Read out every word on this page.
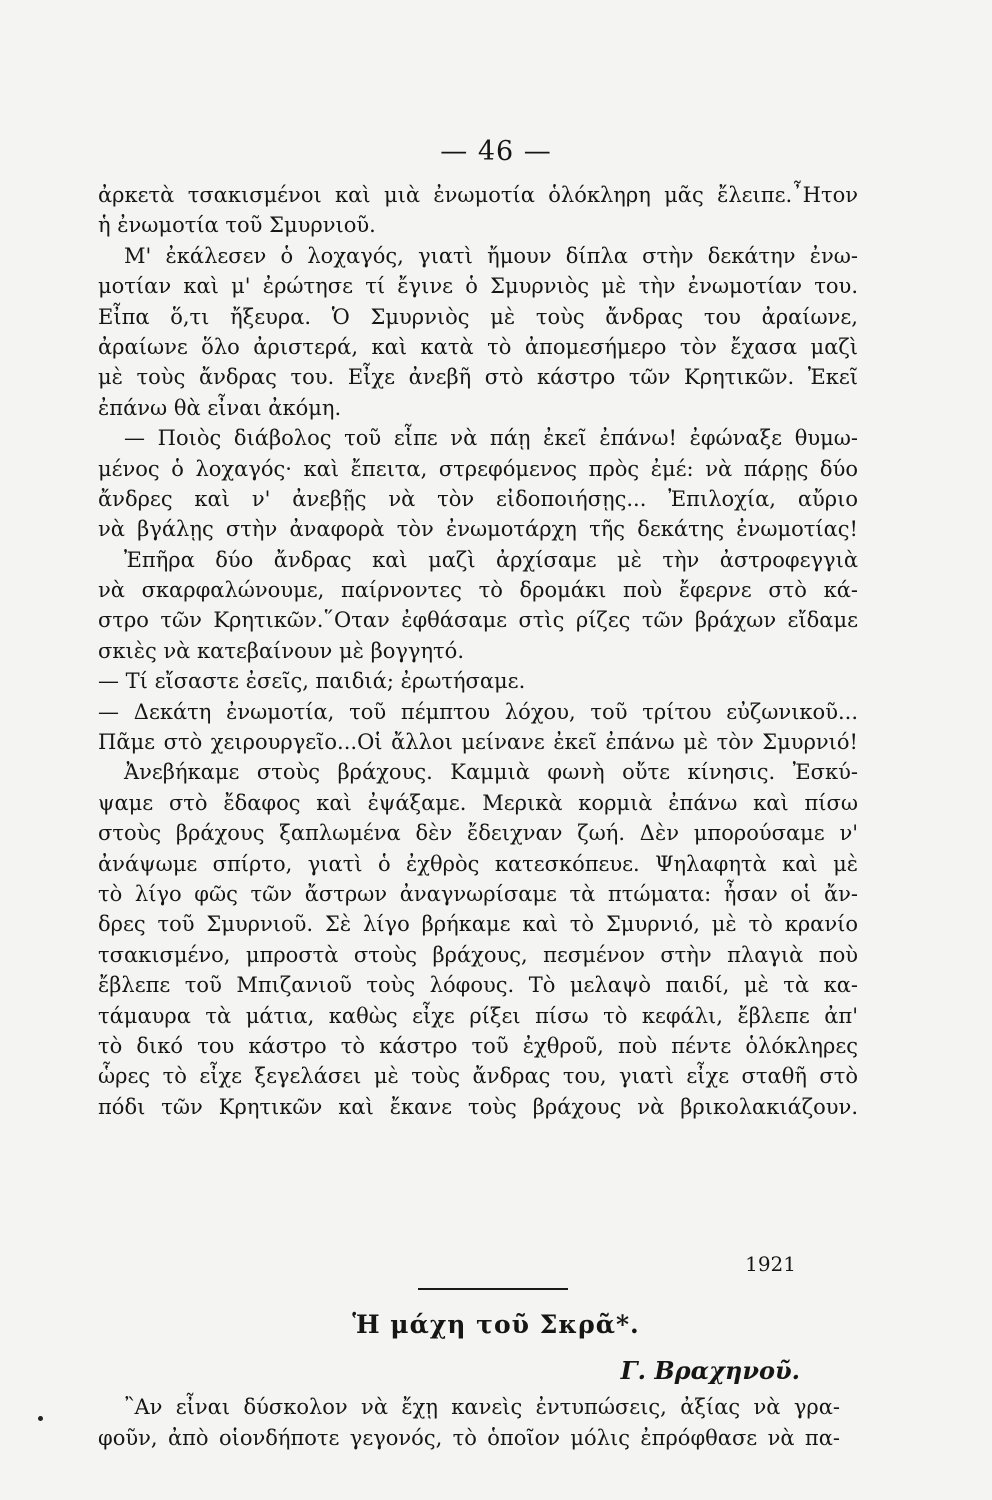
— 46 —
ἀρκετὰ τσακισμένοι καὶ μιὰ ἐνωμοτία ὁλόκληρη μᾶς ἔλειπε.῏Ητον
ἡ ἐνωμοτία τοῦ Σμυρνιοῦ.
Μ' ἐκάλεσεν ὁ λοχαγός, γιατὶ ἤμουν δίπλα στὴν δεκάτην ἐνω-
μοτίαν καὶ μ' ἐρώτησε τί ἔγινε ὁ Σμυρνιὸς μὲ τὴν ἐνωμοτίαν του.
Εἶπα ὅ,τι ἤξευρα. Ὁ Σμυρνιὸς μὲ τοὺς ἄνδρας του ἀραίωνε,
ἀραίωνε ὅλο ἀριστερά, καὶ κατὰ τὸ ἀπομεσήμερο τὸν ἔχασα μαζὶ
μὲ τοὺς ἄνδρας του. Εἶχε ἀνεβῆ στὸ κάστρο τῶν Κρητικῶν. Ἐκεῖ
ἐπάνω θὰ εἶναι ἀκόμη.
— Ποιὸς διάβολος τοῦ εἶπε νὰ πάῃ ἐκεῖ ἐπάνω! ἐφώναξε θυμω-
μένος ὁ λοχαγός· καὶ ἔπειτα, στρεφόμενος πρὸς ἐμέ: νὰ πάρῃς δύο
ἄνδρες καὶ ν' ἀνεβῇς νὰ τὸν εἰδοποιήσῃς... Ἐπιλοχία, αὔριο
νὰ βγάλῃς στὴν ἀναφορὰ τὸν ἐνωμοτάρχη τῆς δεκάτης ἐνωμοτίας!
Ἐπῆρα δύο ἄνδρας καὶ μαζὶ ἀρχίσαμε μὲ τὴν ἀστροφεγγιὰ
νὰ σκαρφαλώνουμε, παίρνοντες τὸ δρομάκι ποὺ ἔφερνε στὸ κά-
στρο τῶν Κρητικῶν.῞Οταν ἐφθάσαμε στὶς ρίζες τῶν βράχων εἴδαμε
σκιὲς νὰ κατεβαίνουν μὲ βογγητό.
— Τί εἴσαστε ἐσεῖς, παιδιά; ἐρωτήσαμε.
— Δεκάτη ἐνωμοτία, τοῦ πέμπτου λόχου, τοῦ τρίτου εὐζωνικοῦ...
Πᾶμε στὸ χειρουργεῖο...Οἱ ἄλλοι μείνανε ἐκεῖ ἐπάνω μὲ τὸν Σμυρνιό!
Ἀνεβήκαμε στοὺς βράχους. Καμμιὰ φωνὴ οὔτε κίνησις. Ἐσκύ-
ψαμε στὸ ἔδαφος καὶ ἐψάξαμε. Μερικὰ κορμιὰ ἐπάνω καὶ πίσω
στοὺς βράχους ξαπλωμένα δὲν ἔδειχναν ζωή. Δὲν μπορούσαμε ν'
ἀνάψωμε σπίρτο, γιατὶ ὁ ἐχθρὸς κατεσκόπευε. Ψηλαφητὰ καὶ μὲ
τὸ λίγο φῶς τῶν ἄστρων ἀναγνωρίσαμε τὰ πτώματα: ἦσαν οἱ ἄν-
δρες τοῦ Σμυρνιοῦ. Σὲ λίγο βρήκαμε καὶ τὸ Σμυρνιό, μὲ τὸ κρανίο
τσακισμένο, μπροστὰ στοὺς βράχους, πεσμένον στὴν πλαγιὰ ποὺ
ἔβλεπε τοῦ Μπιζανιοῦ τοὺς λόφους. Τὸ μελαψὸ παιδί, μὲ τὰ κα-
τάμαυρα τὰ μάτια, καθὼς εἶχε ρίξει πίσω τὸ κεφάλι, ἔβλεπε ἀπ'
τὸ δικό του κάστρο τὸ κάστρο τοῦ ἐχθροῦ, ποὺ πέντε ὁλόκληρες
ὧρες τὸ εἶχε ξεγελάσει μὲ τοὺς ἄνδρας του, γιατὶ εἶχε σταθῆ στὸ
πόδι τῶν Κρητικῶν καὶ ἔκανε τοὺς βράχους νὰ βρικολακιάζουν.
1921
Ἡ μάχη τοῦ Σκρᾶ*.
Γ. Βραχηνοῦ.
῍Αν εἶναι δύσκολον νὰ ἔχῃ κανεὶς ἐντυπώσεις, ἀξίας νὰ γρα-
φοῦν, ἀπὸ οἱονδήποτε γεγονός, τὸ ὁποῖον μόλις ἐπρόφθασε νὰ πα-
